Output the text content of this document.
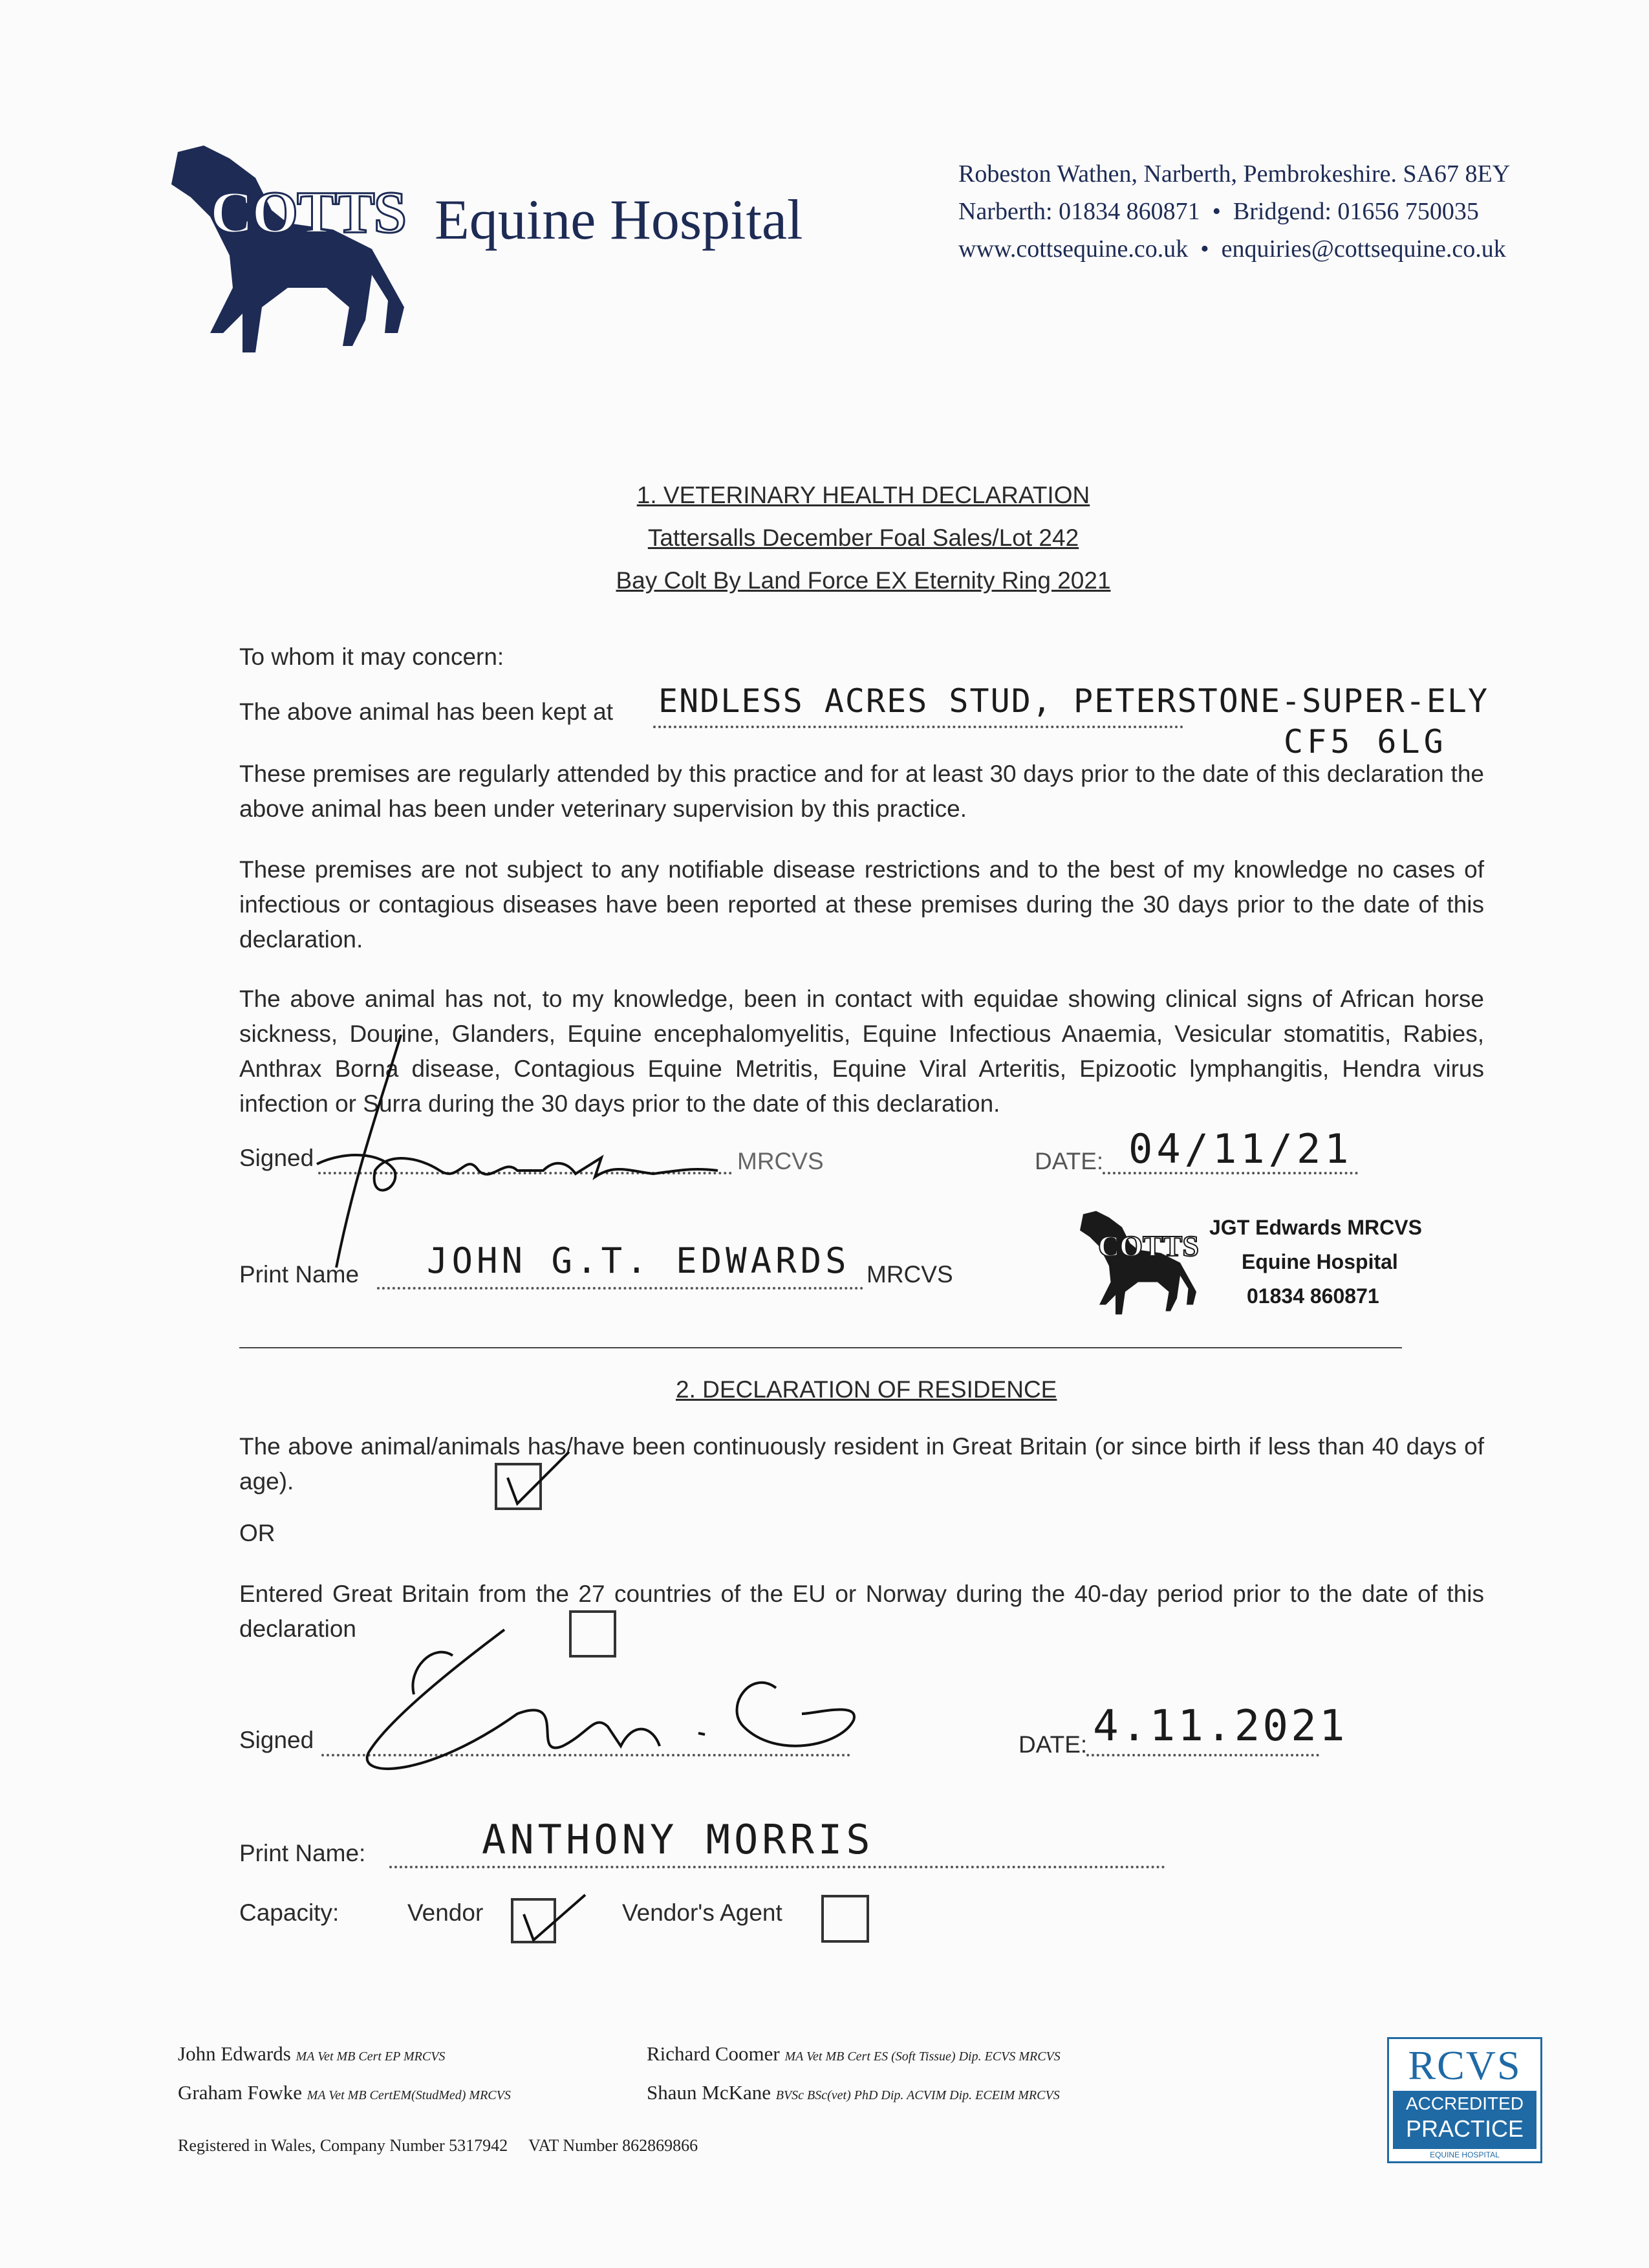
COTTS Equine Hospital
Robeston Wathen, Narberth, Pembrokeshire. SA67 8EY
Narberth: 01834 860871  •  Bridgend: 01656 750035
www.cottsequine.co.uk  •  enquiries@cottsequine.co.uk
1. VETERINARY HEALTH DECLARATION
Tattersalls December Foal Sales/Lot 242
Bay Colt By Land Force EX Eternity Ring 2021
To whom it may concern:
The above animal has been kept at ENDLESS ACRES STUD, PETERSTONE-SUPER-ELY
CF5 6LG
These premises are regularly attended by this practice and for at least 30 days prior to the date of this declaration the above animal has been under veterinary supervision by this practice.
These premises are not subject to any notifiable disease restrictions and to the best of my knowledge no cases of infectious or contagious diseases have been reported at these premises during the 30 days prior to the date of this declaration.
The above animal has not, to my knowledge, been in contact with equidae showing clinical signs of African horse sickness, Dourine, Glanders, Equine encephalomyelitis, Equine Infectious Anaemia, Vesicular stomatitis, Rabies, Anthrax Borna disease, Contagious Equine Metritis, Equine Viral Arteritis, Epizootic lymphangitis, Hendra virus infection or Surra during the 30 days prior to the date of this declaration.
Signed	MRCVS	DATE: 04/11/21
Print Name JOHN G.T. EDWARDS MRCVS
COTTS
JGT Edwards MRCVS
Equine Hospital
01834 860871
2. DECLARATION OF RESIDENCE
The above animal/animals has/have been continuously resident in Great Britain (or since birth if less than 40 days of age).
OR
Entered Great Britain from the 27 countries of the EU or Norway during the 40-day period prior to the date of this declaration
Signed	DATE: 4.11.2021
Print Name:	ANTHONY MORRIS
Capacity:	Vendor	Vendor's Agent
John Edwards MA Vet MB Cert EP MRCVS
Graham Fowke MA Vet MB CertEM(StudMed) MRCVS
Richard Coomer MA Vet MB Cert ES (Soft Tissue) Dip. ECVS MRCVS
Shaun McKane BVSc BSc(vet) PhD Dip. ACVIM Dip. ECEIM MRCVS
Registered in Wales, Company Number 5317942     VAT Number 862869866
RCVS
ACCREDITED
PRACTICE
EQUINE HOSPITAL
